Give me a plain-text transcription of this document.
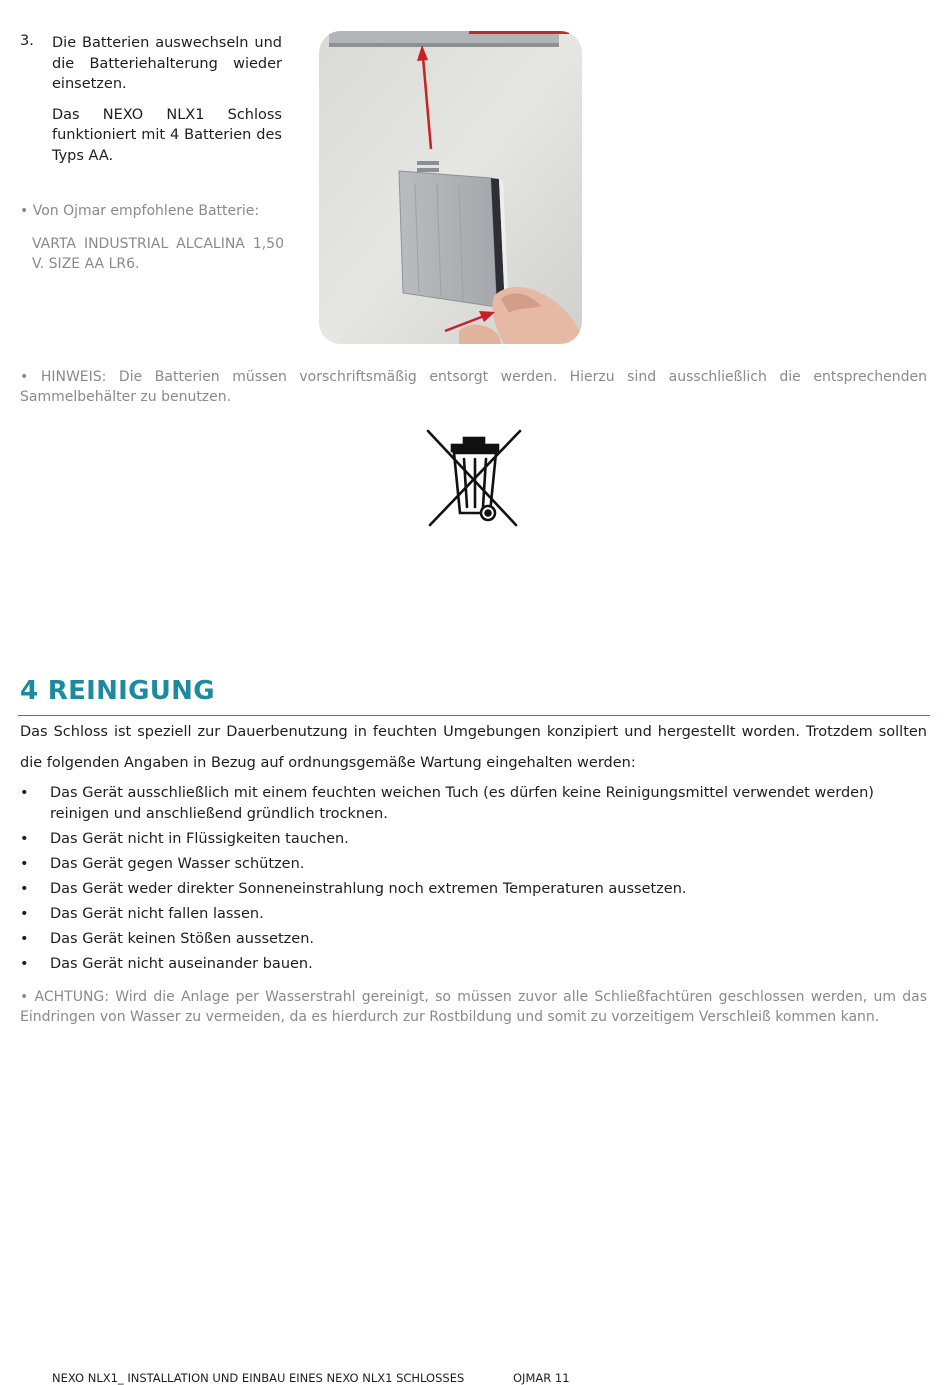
3. Die Batterien auswechseln und die Batteriehalterung wieder einsetzen.

Das NEXO NLX1 Schloss funktioniert mit 4 Batterien des Typs AA.

• Von Ojmar empfohlene Batterie:
VARTA INDUSTRIAL ALCALINA 1,50 V. SIZE AA LR6.
• HINWEIS: Die Batterien müssen vorschriftsmäßig entsorgt werden. Hierzu sind ausschließlich die entsprechenden Sammelbehälter zu benutzen.
4 REINIGUNG
Das Schloss ist speziell zur Dauerbenutzung in feuchten Umgebungen konzipiert und hergestellt worden. Trotzdem sollten die folgenden Angaben in Bezug auf ordnungsgemäße Wartung eingehalten werden:
• Das Gerät ausschließlich mit einem feuchten weichen Tuch (es dürfen keine Reinigungsmittel verwendet werden) reinigen und anschließend gründlich trocknen.
• Das Gerät nicht in Flüssigkeiten tauchen.
• Das Gerät gegen Wasser schützen.
• Das Gerät weder direkter Sonneneinstrahlung noch extremen Temperaturen aussetzen.
• Das Gerät nicht fallen lassen.
• Das Gerät keinen Stößen aussetzen.
• Das Gerät nicht auseinander bauen.
• ACHTUNG: Wird die Anlage per Wasserstrahl gereinigt, so müssen zuvor alle Schließfachtüren geschlossen werden, um das Eindringen von Wasser zu vermeiden, da es hierdurch zur Rostbildung und somit zu vorzeitigem Verschleiß kommen kann.
NEXO NLX1_ INSTALLATION UND EINBAU EINES NEXO NLX1 SCHLOSSES	OJMAR 11
